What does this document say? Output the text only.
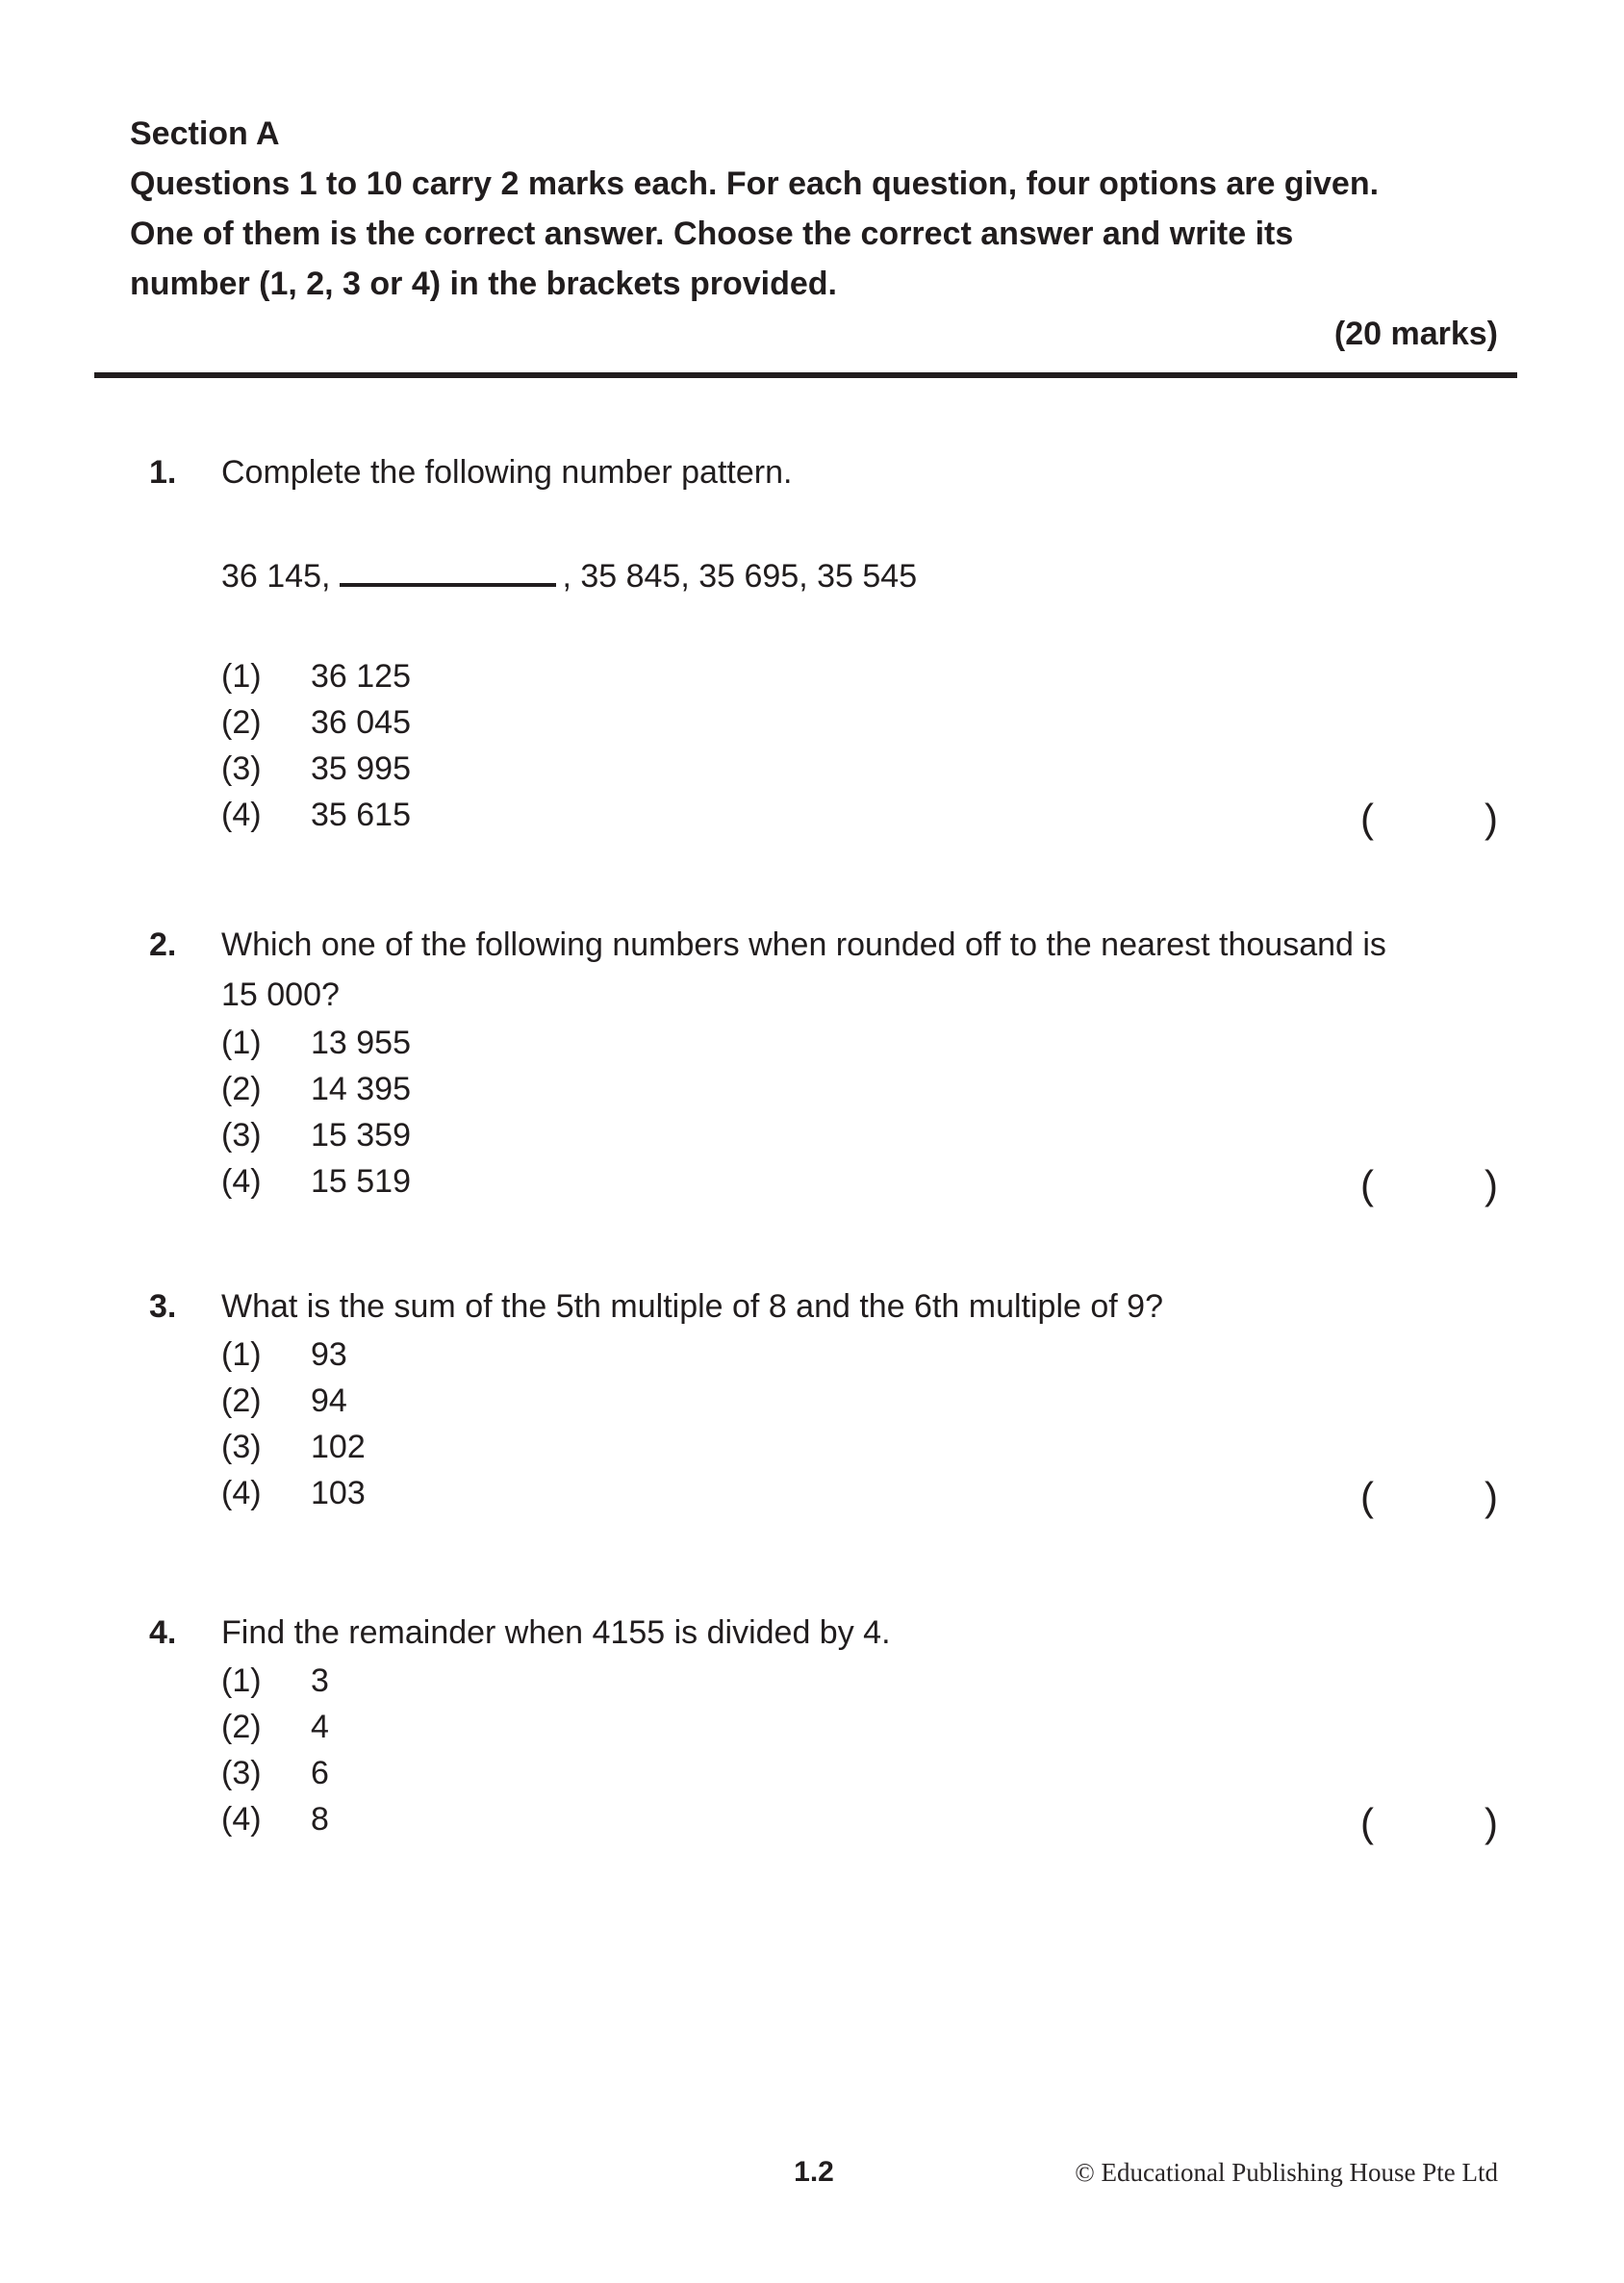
Section A
Questions 1 to 10 carry 2 marks each. For each question, four options are given. One of them is the correct answer. Choose the correct answer and write its number (1, 2, 3 or 4) in the brackets provided.
(20 marks)
1.	Complete the following number pattern.
36 145,	, 35 845, 35 695, 35 545
(1)	36 125
(2)	36 045
(3)	35 995
(4)	35 615	(	)
2.	Which one of the following numbers when rounded off to the nearest thousand is 15 000?
(1)	13 955
(2)	14 395
(3)	15 359
(4)	15 519	(	)
3.	What is the sum of the 5th multiple of 8 and the 6th multiple of 9?
(1)	93
(2)	94
(3)	102
(4)	103	(	)
4.	Find the remainder when 4155 is divided by 4.
(1)	3
(2)	4
(3)	6
(4)	8	(	)
1.2	© Educational Publishing House Pte Ltd
